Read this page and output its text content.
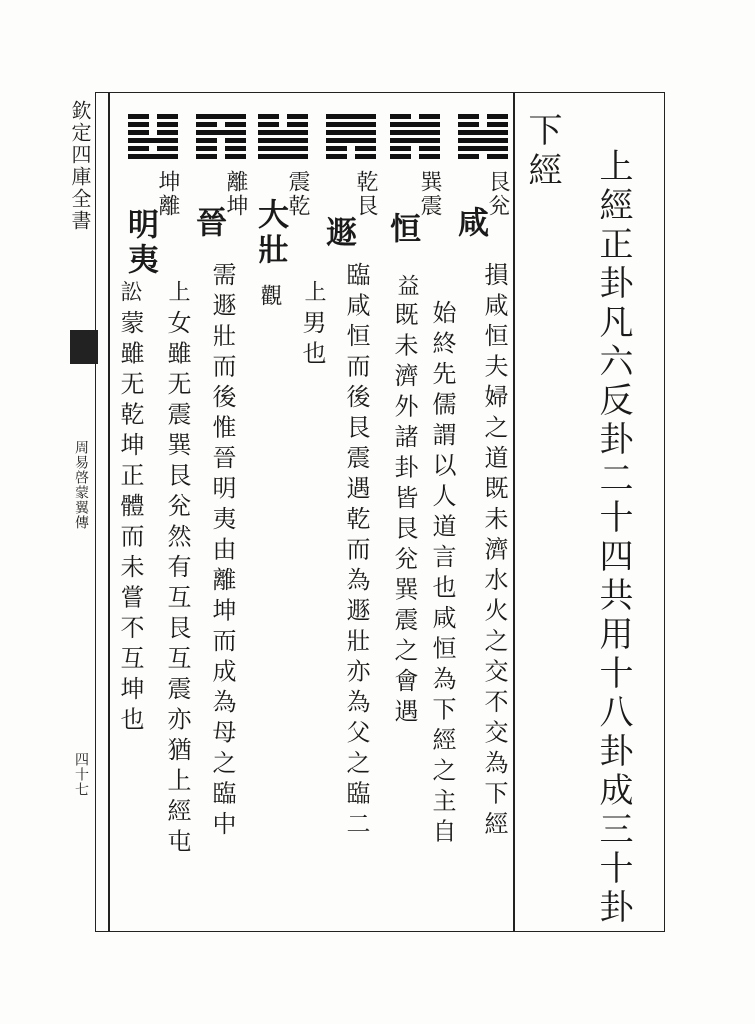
欽定四庫全書
周易啓蒙翼傳
四十七
下經 上經正卦凡六反卦二十四共用十八卦成三十卦
艮兊
咸
巽震
恒
乾艮
遯
震乾
大壯
離坤
晉
坤離
明夷
損咸恒夫婦之道既未濟水火之交不交為下經
始終先儒謂以人道言也咸恒為下經之主自
益
既未濟外諸卦皆艮兊巽震之會遇
臨咸恒而後艮震遇乾而為遯壯亦為父之臨二
上
男也
觀
需遯壯而後惟晉明夷由離坤而成為母之臨中
上
女雖无震巽艮兊然有互艮互震亦猶上經屯
訟
蒙雖无乾坤正體而未嘗不互坤也
